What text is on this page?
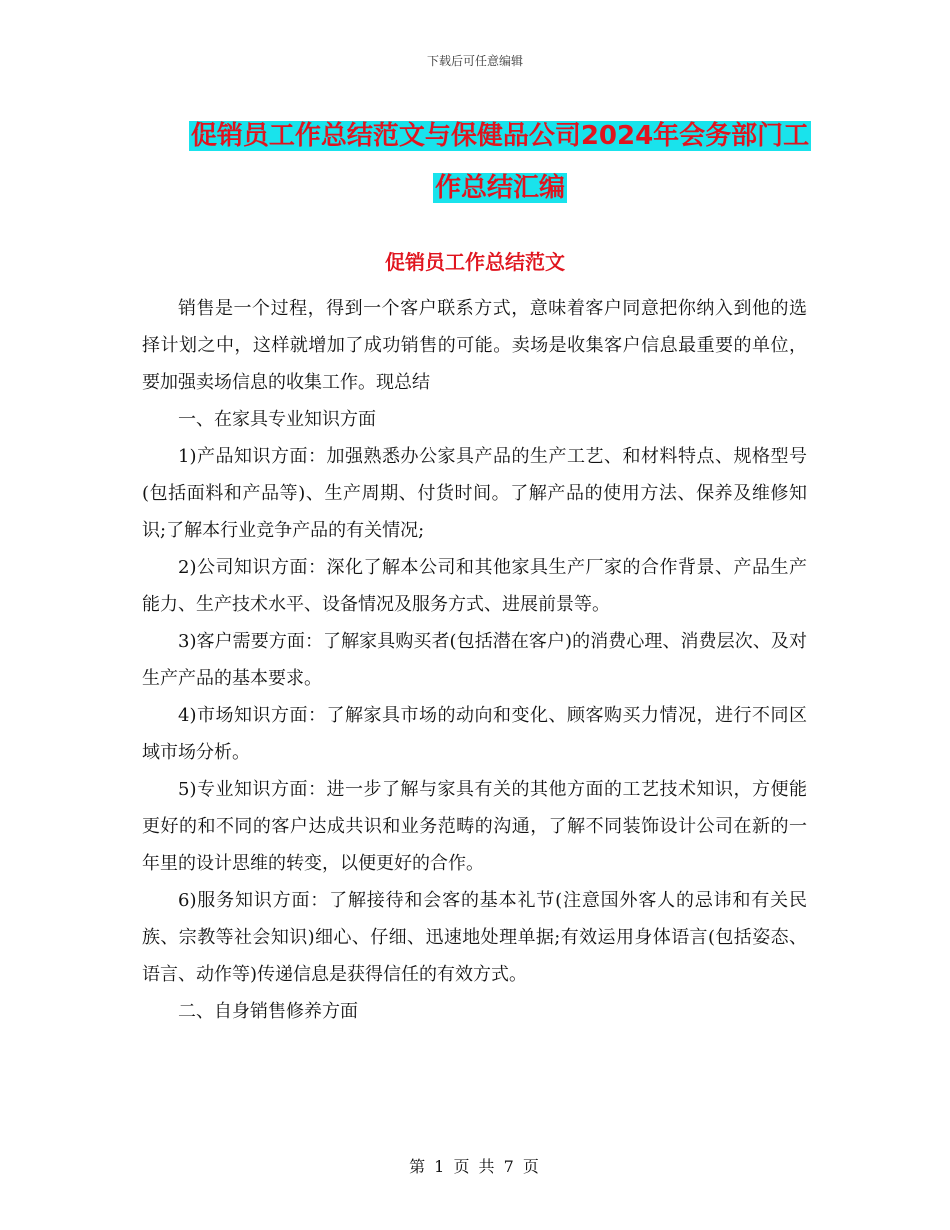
下载后可任意编辑
促销员工作总结范文与保健品公司2024年会务部门工
作总结汇编
促销员工作总结范文

销售是一个过程，得到一个客户联系方式，意味着客户同意把你纳入到他的选择计划之中，这样就增加了成功销售的可能。卖场是收集客户信息最重要的单位，要加强卖场信息的收集工作。现总结

一、在家具专业知识方面

1)产品知识方面：加强熟悉办公家具产品的生产工艺、和材料特点、规格型号(包括面料和产品等)、生产周期、付货时间。了解产品的使用方法、保养及维修知识;了解本行业竞争产品的有关情况;

2)公司知识方面：深化了解本公司和其他家具生产厂家的合作背景、产品生产能力、生产技术水平、设备情况及服务方式、进展前景等。

3)客户需要方面：了解家具购买者(包括潜在客户)的消费心理、消费层次、及对生产产品的基本要求。

4)市场知识方面：了解家具市场的动向和变化、顾客购买力情况，进行不同区域市场分析。

5)专业知识方面：进一步了解与家具有关的其他方面的工艺技术知识，方便能更好的和不同的客户达成共识和业务范畴的沟通，了解不同装饰设计公司在新的一年里的设计思维的转变，以便更好的合作。

6)服务知识方面：了解接待和会客的基本礼节(注意国外客人的忌讳和有关民族、宗教等社会知识)细心、仔细、迅速地处理单据;有效运用身体语言(包括姿态、语言、动作等)传递信息是获得信任的有效方式。

二、自身销售修养方面

第 1 页 共 7 页
